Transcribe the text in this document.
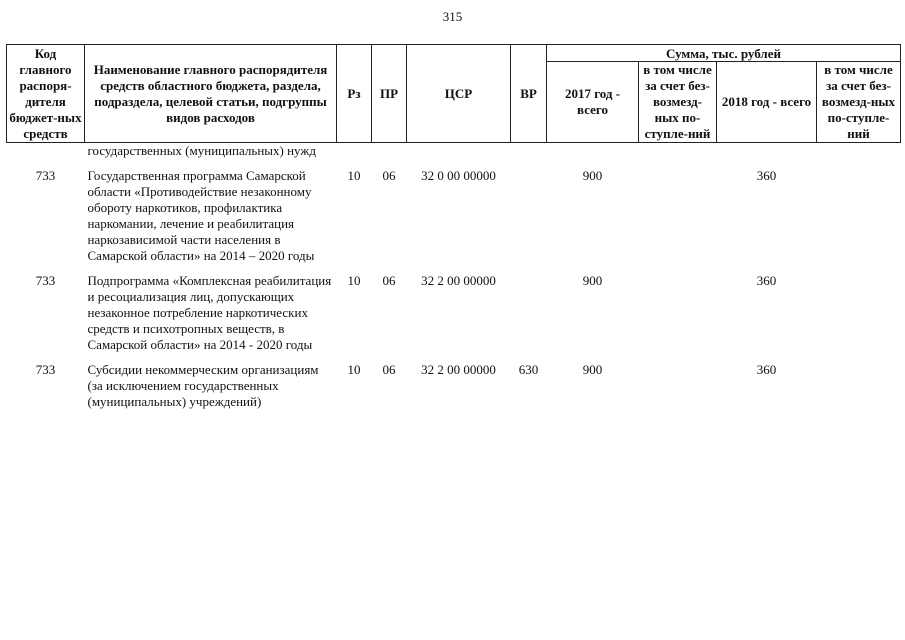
315
Код главного распоря-дителя бюджет-ных средств	Наименование главного распорядителя средств областного бюджета, раздела, подраздела, целевой статьи, подгруппы видов расходов	Рз	ПР	ЦСР	ВР	Сумма, тыс. рублей			
						2017 год - всего	в том числе за счет без-возмезд-ных по-ступле-ний	2018 год - всего	в том числе за счет без-возмезд-ных по-ступле-ний
	государственных (муниципальных) нужд								
733	Государственная программа Самарской области «Противодействие незаконному обороту наркотиков, профилактика наркомании, лечение и реабилитация наркозависимой части населения в Самарской области» на 2014 – 2020 годы	10	06	32 0 00 00000		900		360	
733	Подпрограмма «Комплексная реабилитация и ресоциализация лиц, допускающих незаконное потребление наркотических средств и психотропных веществ, в Самарской области» на 2014 - 2020 годы	10	06	32 2 00 00000		900		360	
733	Субсидии некоммерческим организациям (за исключением государственных (муниципальных) учреждений)	10	06	32 2 00 00000	630	900		360	
